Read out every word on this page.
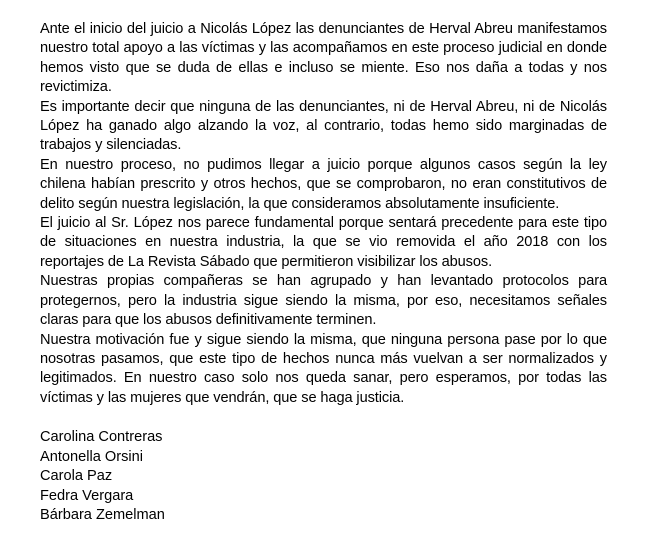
Ante el inicio del juicio a Nicolás López las denunciantes de Herval Abreu manifestamos nuestro total apoyo a las víctimas y las acompañamos en este proceso judicial en donde hemos visto que se duda de ellas e incluso se miente. Eso nos daña a todas y nos revictimiza.

Es importante decir que ninguna de las denunciantes, ni de Herval Abreu, ni de Nicolás López ha ganado algo alzando la voz, al contrario, todas hemo sido marginadas de trabajos y silenciadas.

En nuestro proceso, no pudimos llegar a juicio porque algunos casos según la ley chilena habían prescrito y otros hechos, que se comprobaron, no eran constitutivos de delito según nuestra legislación, la que consideramos absolutamente insuficiente.

El juicio al Sr. López nos parece fundamental porque sentará precedente para este tipo de situaciones en nuestra industria, la que se vio removida el año 2018 con los reportajes de La Revista Sábado que permitieron visibilizar los abusos.

Nuestras propias compañeras se han agrupado y han levantado protocolos para protegernos, pero la industria sigue siendo la misma, por eso, necesitamos señales claras para que los abusos definitivamente terminen.

Nuestra motivación fue y sigue siendo la misma, que ninguna persona pase por lo que nosotras pasamos, que este tipo de hechos nunca más vuelvan a ser normalizados y legitimados. En nuestro caso solo nos queda sanar, pero esperamos, por todas las víctimas y las mujeres que vendrán, que se haga justicia.

Carolina Contreras
Antonella Orsini
Carola Paz
Fedra Vergara
Bárbara Zemelman
